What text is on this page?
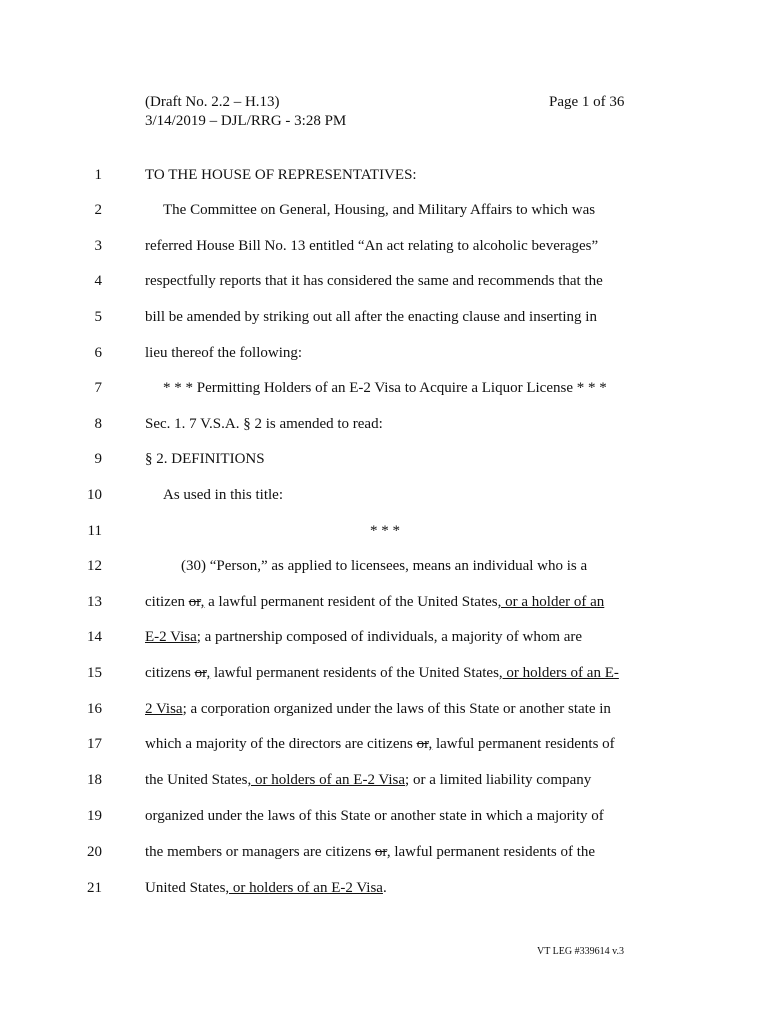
(Draft No. 2.2 – H.13)
3/14/2019 – DJL/RRG - 3:28 PM
Page 1 of 36
1	TO THE HOUSE OF REPRESENTATIVES:
2	The Committee on General, Housing, and Military Affairs to which was
3	referred House Bill No. 13 entitled “An act relating to alcoholic beverages”
4	respectfully reports that it has considered the same and recommends that the
5	bill be amended by striking out all after the enacting clause and inserting in
6	lieu thereof the following:
7	* * * Permitting Holders of an E-2 Visa to Acquire a Liquor License * * *
8	Sec. 1. 7 V.S.A. § 2 is amended to read:
9	§ 2. DEFINITIONS
10	As used in this title:
11	* * *
12	(30) “Person,” as applied to licensees, means an individual who is a
13	citizen or, a lawful permanent resident of the United States, or a holder of an
14	E-2 Visa; a partnership composed of individuals, a majority of whom are
15	citizens or, lawful permanent residents of the United States, or holders of an E-
16	2 Visa; a corporation organized under the laws of this State or another state in
17	which a majority of the directors are citizens or, lawful permanent residents of
18	the United States, or holders of an E-2 Visa; or a limited liability company
19	organized under the laws of this State or another state in which a majority of
20	the members or managers are citizens or, lawful permanent residents of the
21	United States, or holders of an E-2 Visa.
VT LEG #339614 v.3
